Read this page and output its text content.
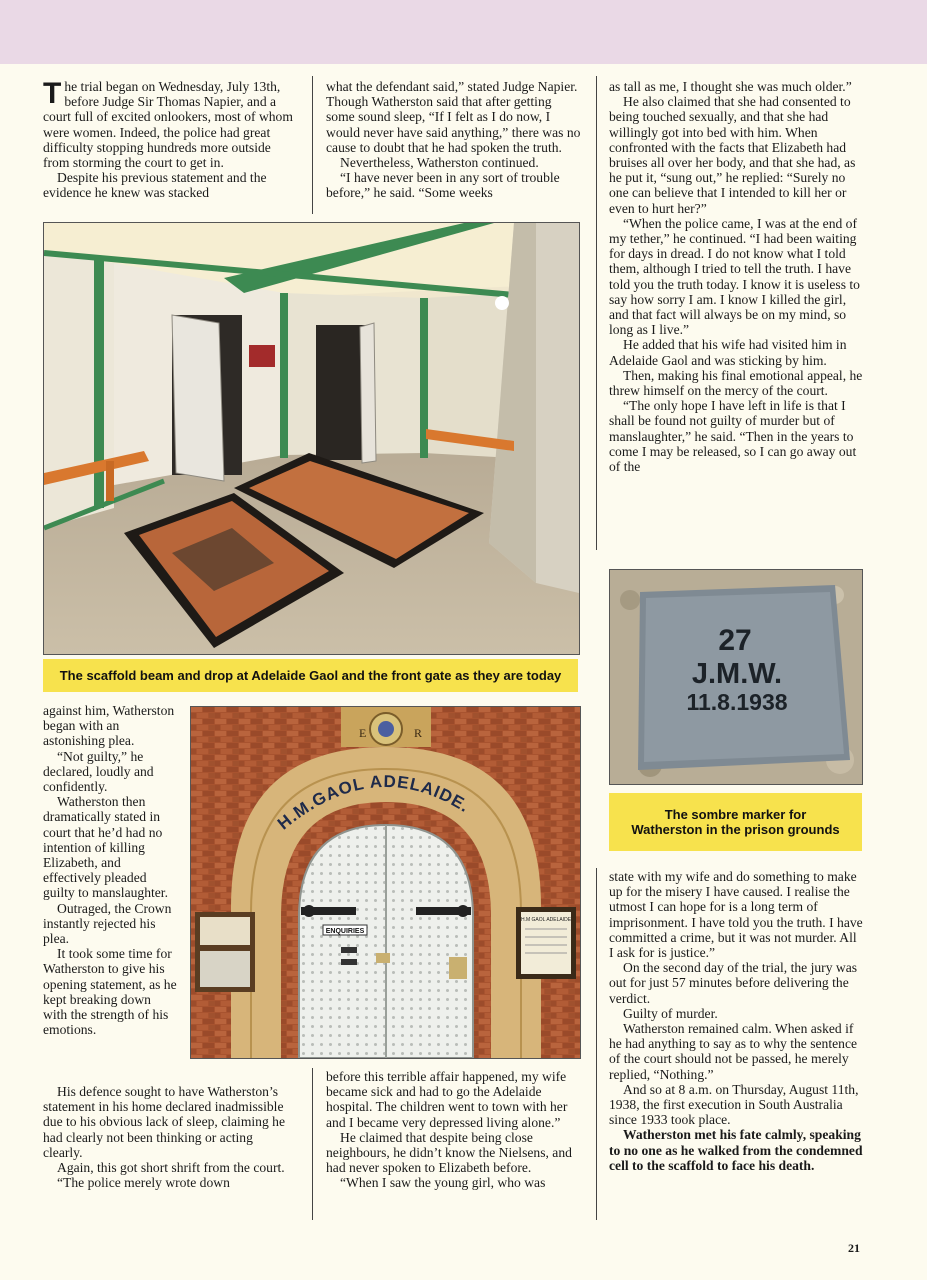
The trial began on Wednesday, July 13th, before Judge Sir Thomas Napier, and a court full of excited onlookers, most of whom were women. Indeed, the police had great difficulty stopping hundreds more outside from storming the court to get in.

Despite his previous statement and the evidence he knew was stacked

what the defendant said,” stated Judge Napier. Though Watherston said that after getting some sound sleep, “If I felt as I do now, I would never have said anything,” there was no cause to doubt that he had spoken the truth.

Nevertheless, Watherston continued.

“I have never been in any sort of trouble before,” he said. “Some weeks

as tall as me, I thought she was much older.”

He also claimed that she had consented to being touched sexually, and that she had willingly got into bed with him. When confronted with the facts that Elizabeth had bruises all over her body, and that she had, as he put it, “sung out,” he replied: “Surely no one can believe that I intended to kill her or even to hurt her?”

“When the police came, I was at the end of my tether,” he continued. “I had been waiting for days in dread. I do not know what I told them, although I tried to tell the truth. I have told you the truth today. I know it is useless to say how sorry I am. I know I killed the girl, and that fact will always be on my mind, so long as I live.”

He added that his wife had visited him in Adelaide Gaol and was sticking by him.

Then, making his final emotional appeal, he threw himself on the mercy of the court.

“The only hope I have left in life is that I shall be found not guilty of murder but of manslaughter,” he said. “Then in the years to come I may be released, so I can go away out of the

The scaffold beam and drop at Adelaide Gaol and the front gate as they are today

against him, Watherston began with an astonishing plea.

“Not guilty,” he declared, loudly and confidently.

Watherston then dramatically stated in court that he’d had no intention of killing Elizabeth, and effectively pleaded guilty to manslaughter.

Outraged, the Crown instantly rejected his plea.

It took some time for Watherston to give his opening statement, as he kept breaking down with the strength of his emotions.

His defence sought to have Watherston’s statement in his home declared inadmissible due to his obvious lack of sleep, claiming he had clearly not been thinking or acting clearly.

Again, this got short shrift from the court.

“The police merely wrote down

E	R
H.M.GAOL ADELAIDE.
ENQUIRIES
H.M GAOL ADELAIDE

before this terrible affair happened, my wife became sick and had to go the Adelaide hospital. The children went to town with her and I became very depressed living alone.”

He claimed that despite being close neighbours, he didn’t know the Nielsens, and had never spoken to Elizabeth before.

“When I saw the young girl, who was

27
J.M.W.
11.8.1938
The sombre marker for Watherston in the prison grounds

state with my wife and do something to make up for the misery I have caused. I realise the utmost I can hope for is a long term of imprisonment. I have told you the truth. I have committed a crime, but it was not murder. All I ask for is justice.”

On the second day of the trial, the jury was out for just 57 minutes before delivering the verdict.

Guilty of murder.

Watherston remained calm. When asked if he had anything to say as to why the sentence of the court should not be passed, he merely replied, “Nothing.”

And so at 8 a.m. on Thursday, August 11th, 1938, the first execution in South Australia since 1933 took place.

Watherston met his fate calmly, speaking to no one as he walked from the condemned cell to the scaffold to face his death.

21
